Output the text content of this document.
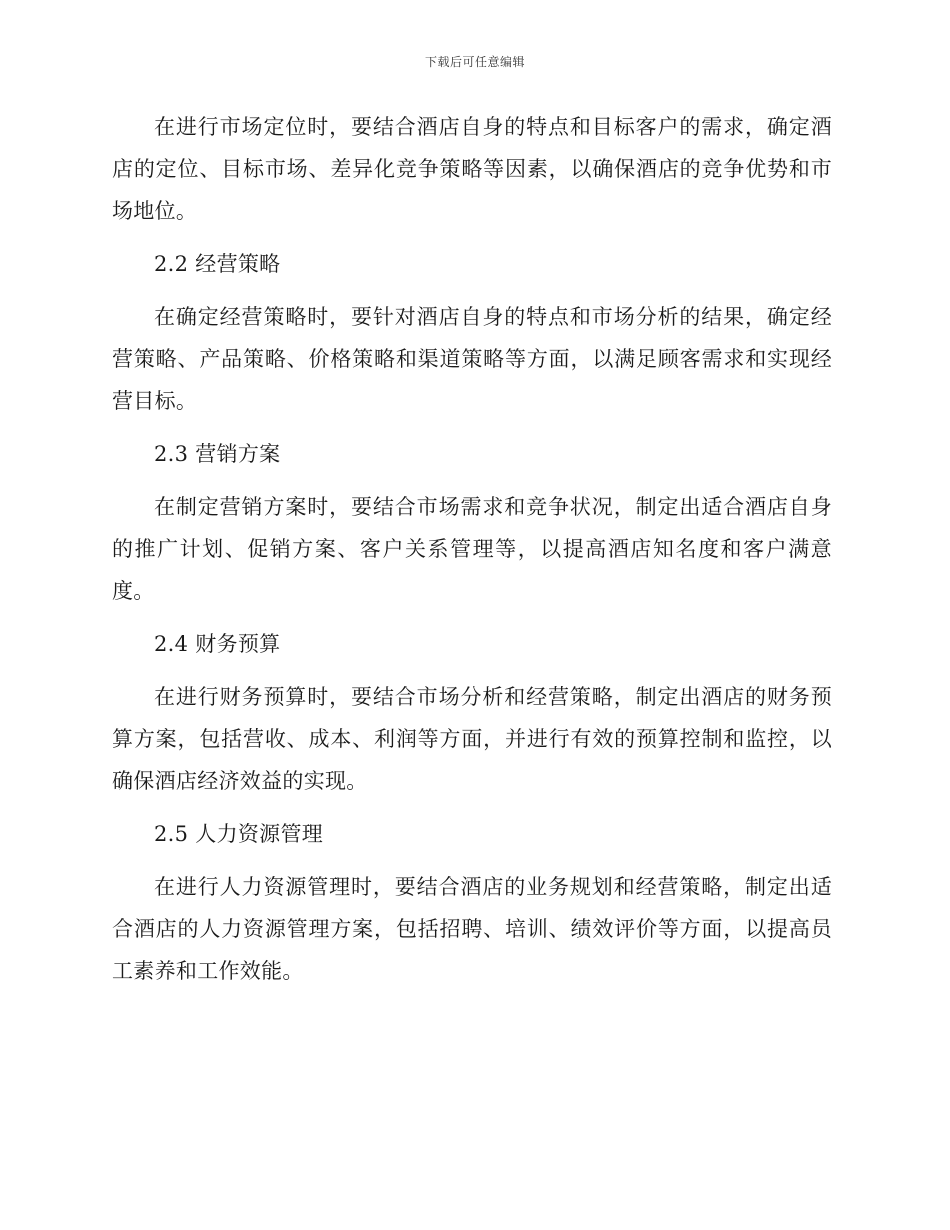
下载后可任意编辑

在进行市场定位时，要结合酒店自身的特点和目标客户的需求，确定酒店的定位、目标市场、差异化竞争策略等因素，以确保酒店的竞争优势和市场地位。

2.2 经营策略

在确定经营策略时，要针对酒店自身的特点和市场分析的结果，确定经营策略、产品策略、价格策略和渠道策略等方面，以满足顾客需求和实现经营目标。

2.3 营销方案

在制定营销方案时，要结合市场需求和竞争状况，制定出适合酒店自身的推广计划、促销方案、客户关系管理等，以提高酒店知名度和客户满意度。

2.4 财务预算

在进行财务预算时，要结合市场分析和经营策略，制定出酒店的财务预算方案，包括营收、成本、利润等方面，并进行有效的预算控制和监控，以确保酒店经济效益的实现。

2.5 人力资源管理

在进行人力资源管理时，要结合酒店的业务规划和经营策略，制定出适合酒店的人力资源管理方案，包括招聘、培训、绩效评价等方面，以提高员工素养和工作效能。
